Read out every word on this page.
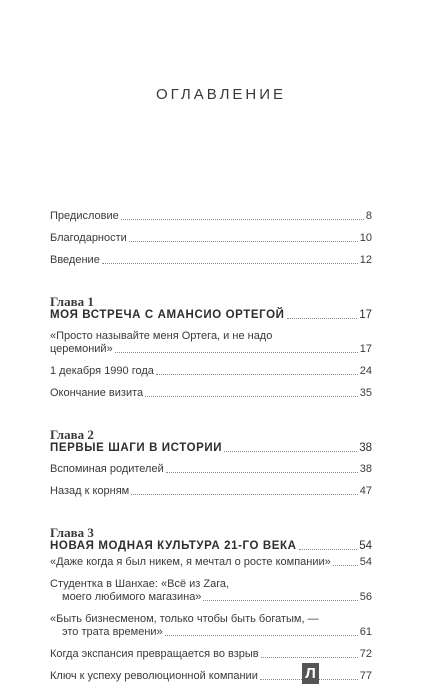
ОГЛАВЛЕНИЕ
Предисловие	8
Благодарности	10
Введение	12
Глава 1
МОЯ ВСТРЕЧА С АМАНСИО ОРТЕГОЙ	17
«Просто называйте меня Ортега, и не надо
церемоний»	17
1 декабря 1990 года	24
Окончание визита	35
Глава 2
ПЕРВЫЕ ШАГИ В ИСТОРИИ	38
Вспоминая родителей	38
Назад к корням	47
Глава 3
НОВАЯ МОДНАЯ КУЛЬТУРА 21-ГО ВЕКА	54
«Даже когда я был никем, я мечтал о росте компании»	54
Студентка в Шанхае: «Всё из Zara,
моего любимого магазина»	56
«Быть бизнесменом, только чтобы быть богатым, —
это трата времени»	61
Когда экспансия превращается во взрыв	72
Ключ к успеху революционной компании	77
Л
